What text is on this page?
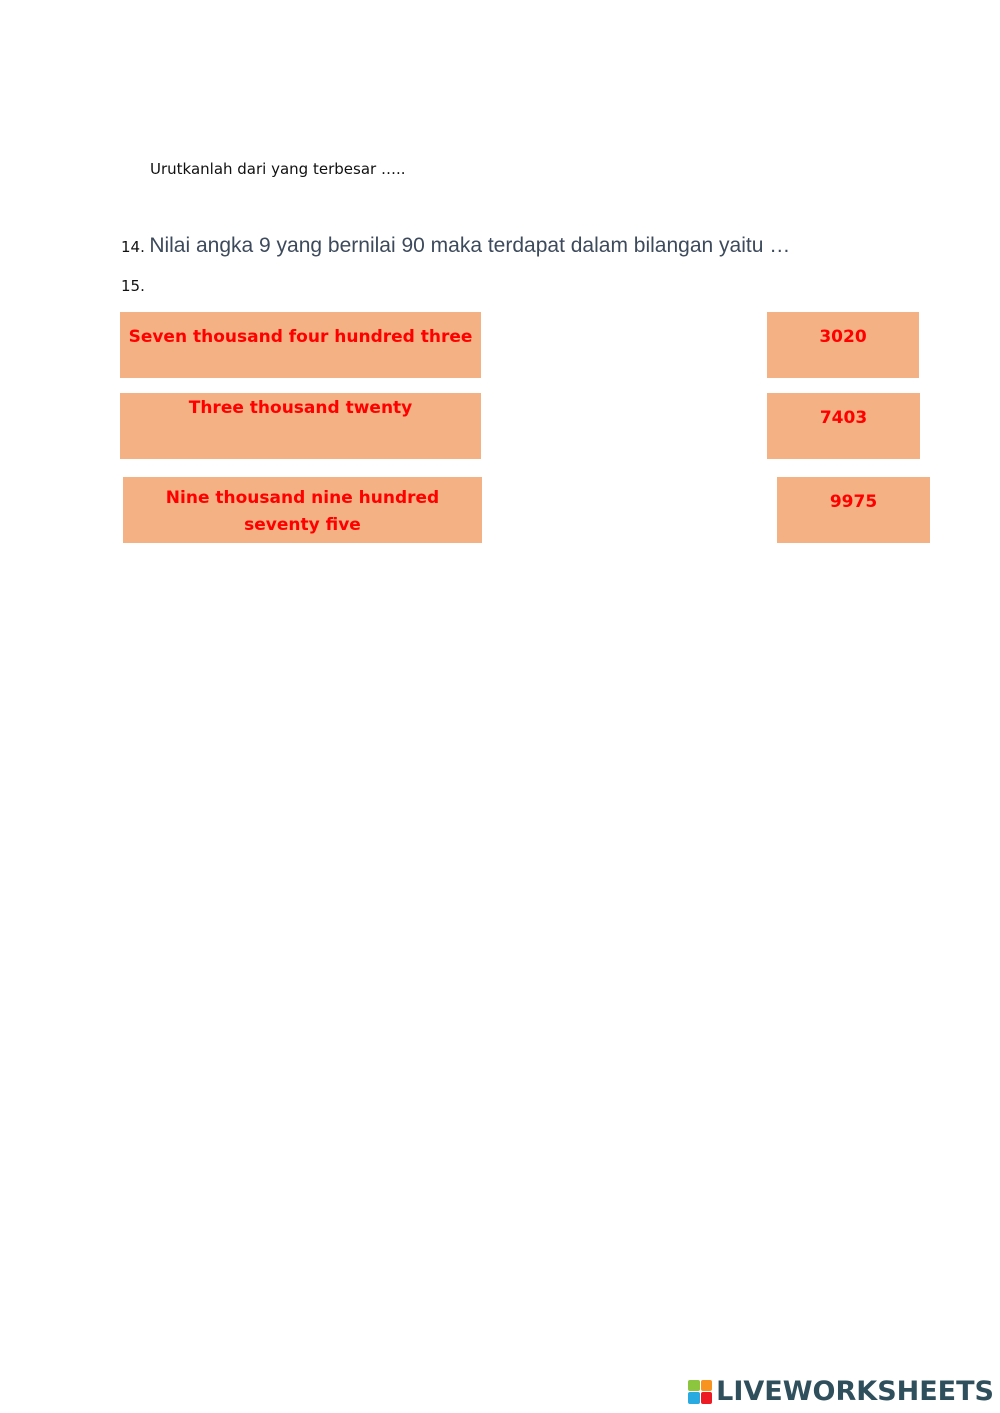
Urutkanlah dari yang terbesar …..
14. Nilai angka 9 yang bernilai 90 maka terdapat dalam bilangan yaitu …
15.
Seven thousand four hundred three
Three thousand twenty
Nine thousand nine hundred seventy five
3020
7403
9975
LIVEWORKSHEETS
